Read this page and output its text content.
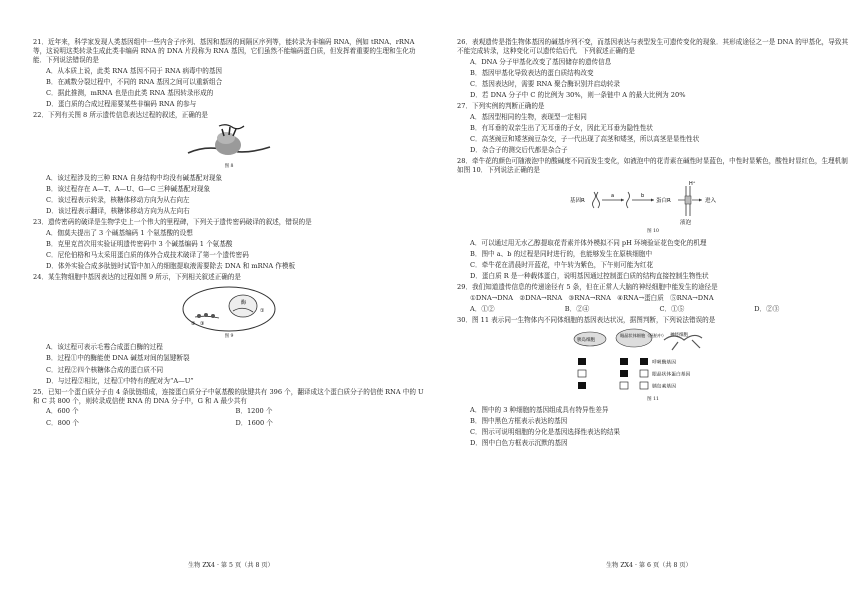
21．近年来，科学家发现人类基因组中一些内含子序列、基因和基因的间隔区序列等，能转录为非编码 RNA，例如 tRNA、rRNA 等，这说明这类转录生成此类非编码 RNA 的 DNA 片段称为 RNA 基因，它们虽然不能编码蛋白质，但发挥着重要的生理和生化功能．下列说法错误的是
A．从本质上说，此类 RNA 基因不同于 RNA 病毒中的基因
B．在减数分裂过程中，不同的 RNA 基因之间可以重新组合
C．据此推测，mRNA 也是由此类 RNA 基因转录形成的
D．蛋白质的合成过程需要某些非编码 RNA 的参与
22．下列有关图 8 所示遗传信息表达过程的叙述，正确的是
图 8
A．该过程涉及的三种 RNA 自身结构中均没有碱基配对现象
B．该过程存在 A—T、A—U、G—C 三种碱基配对现象
C．该过程表示转录，核糖体移动方向为从右向左
D．该过程表示翻译，核糖体移动方向为从左向右
23．遗传密码的破译是生物学史上一个伟大的里程碑，下列关于遗传密码破译的叙述，错误的是
A．伽莫夫提出了 3 个碱基编码 1 个氨基酸的设想
B．克里克首次用实验证明遗传密码中 3 个碱基编码 1 个氨基酸
C．尼伦伯格和马太采用蛋白质的体外合成技术破译了第一个遗传密码
D．体外实验合成多肽链时试管中加入的细胞提取液需要除去 DNA 和 mRNA 作模板
24．某生物细胞中基因表达的过程如图 9 所示，下列相关叙述正确的是
酶
①
② ③
图 9
A．该过程可表示毛霉合成蛋白酶的过程
B．过程①中的酶能使 DNA 碱基对间的氢键断裂
C．过程②四个核糖体合成的蛋白质不同
D．与过程②相比，过程①中特有的配对为“A—U”
25．已知一个蛋白质分子由 4 条肽链组成，连接蛋白质分子中氨基酸的肽键共有 396 个，翻译成这个蛋白质分子的信使 RNA 中的 U 和 C 共 800 个，则转录成信使 RNA 的 DNA 分子中，G 和 A 最少共有
A．600 个	B．1200 个
C．800 个	D．1600 个
生物 ZX4 · 第 5 页（共 8 页）
26．表观遗传是指生物体基因的碱基序列不变，而基因表达与表型发生可遗传变化的现象．其形成途径之一是 DNA 的甲基化，导致其不能完成转录，这种变化可以遗传给后代．下列叙述正确的是
A．DNA 分子甲基化改变了基因储存的遗传信息
B．基因甲基化导致表达的蛋白质结构改变
C．基因表达时，需要 RNA 聚合酶识别并启动转录
D．若 DNA 分子中 C 的比例为 30%，则一条链中 A 的最大比例为 20%
27．下列实例的判断正确的是
A．基因型相同的生物，表现型一定相同
B．有耳垂的双亲生出了无耳垂的子女，因此无耳垂为隐性性状
C．高茎豌豆和矮茎豌豆杂交，子一代出现了高茎和矮茎，所以高茎是显性性状
D．杂合子的测交后代都是杂合子
28．牵牛花的颜色可随液泡中的酸碱度不同而发生变化，如液泡中的花青素在碱性时显蓝色，中性时显紫色，酸性时显红色，生理机制如图 10．下列说法正确的是
基因R
a	b
蛋白R
H⁺
进入
液泡
图 10
A．可以通过用无水乙醇提取花青素并体外模拟不同 pH 环境验证花色变化的机理
B．图中 a、b 的过程是同时进行的，也能够发生在原核细胞中
C．牵牛花在清晨时开蓝花，中午转为紫色，下午则可能为红花
D．蛋白质 R 是一种载体蛋白，说明基因通过控制蛋白质的结构直接控制生物性状
29．我们知道遗传信息的传递途径有 5 条，但在正常人大脑的神经细胞中能发生的途径是
①DNA→DNA ②DNA→RNA ③RNA→RNA ④RNA→蛋白质 ⑤RNA→DNA
A．①②	B．②④	C．①⑤	D．②③
30．图 11 表示同一生物体内不同体细胞的基因表达状况，据图判断，下列说法错误的是
胰岛细胞
眼晶状体细胞（胚胎中） 神经细胞
呼吸酶基因
眼晶状体蛋白基因
胰岛素基因
图 11
A．图中的 3 种细胞的基因组成具有特异性差异
B．图中黑色方框表示表达的基因
C．图示可说明细胞的分化是基因选择性表达的结果
D．图中白色方框表示沉默的基因
生物 ZX4 · 第 6 页（共 8 页）
